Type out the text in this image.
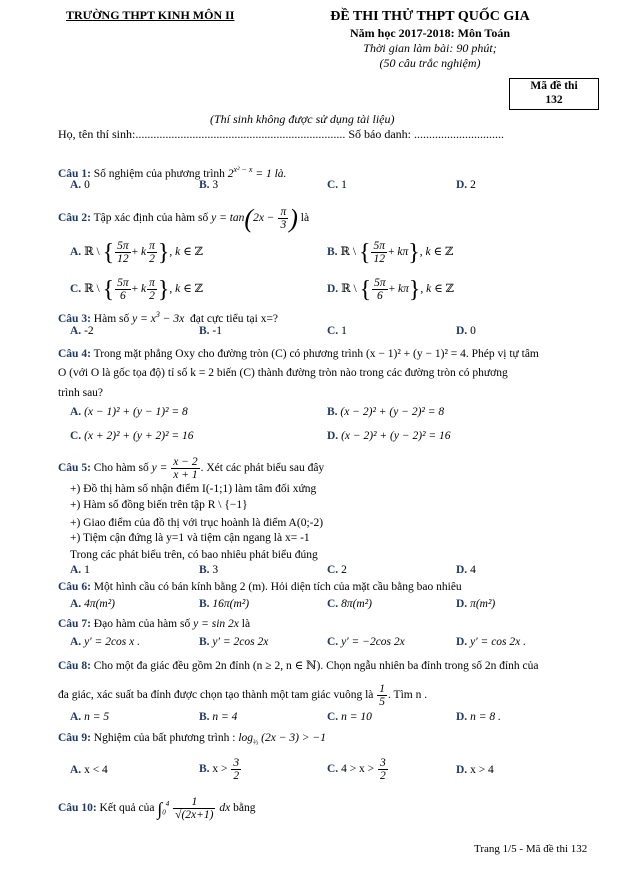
TRƯỜNG THPT KINH MÔN II	ĐỀ THI THỬ THPT QUỐC GIA
Năm học 2017-2018: Môn Toán
Thời gian làm bài: 90 phút;
(50 câu trắc nghiệm)
Mã đề thi
132
(Thí sinh không được sử dụng tài liệu)
Họ, tên thí sinh:...................................................................... Số báo danh: ..............................
Câu 1: Số nghiệm của phương trình $2^{x^2 - x} = 1$ là.
A. 0	B. 3	C. 1	D. 2
Câu 2: Tập xác định của hàm số $y = \tan(2x - \frac{\pi}{3}$ ) là
A. ℝ \ { $\frac{5\pi}{12} + k \frac{\pi}{2}$ }, k ∈ ℤ	B. ℝ \ { $\frac{5\pi}{12} + k\pi$}, k ∈ ℤ
C. ℝ \ { $\frac{5\pi}{6} + k \frac{\pi}{2}$ }, k ∈ ℤ	D. ℝ \ { $\frac{5\pi}{6} + k\pi$}, k ∈ ℤ
Câu 3: Hàm số $y = x^3 - 3x$ đạt cực tiểu tại x=?
A. -2	B. -1	C. 1	D. 0
Câu 4: Trong mặt phẳng Oxy cho đường tròn (C) có phương trình (x − 1)² + (y − 1)² = 4. Phép vị tự tâm
O (với O là gốc tọa độ) tỉ số k = 2 biến (C) thành đường tròn nào trong các đường tròn có phương
trình sau?
A. (x − 1)² + (y − 1)² = 8	B. (x − 2)² + (y − 2)² = 8
C. (x + 2)² + (y + 2)² = 16	D. (x − 2)² + (y − 2)² = 16
Câu 5: Cho hàm số $y = \frac{x - 2}{x + 1}$ . Xét các phát biểu sau đây
+) Đồ thị hàm số nhận điểm I(-1;1) làm tâm đối xứng
+) Hàm số đồng biến trên tập R \ {−1}
+) Giao điểm của đồ thị với trục hoành là điểm A(0;-2)
+) Tiệm cận đứng là y=1 và tiệm cận ngang là x= -1
Trong các phát biểu trên, có bao nhiêu phát biểu đúng
A. 1	B. 3	C. 2	D. 4
Câu 6: Một hình cầu có bán kính bằng 2 (m). Hỏi diện tích của mặt cầu bằng bao nhiêu
A. 4π(m²)	B. 16π(m²)	C. 8π(m²)	D. π(m²)
Câu 7: Đạo hàm của hàm số y = sin 2x là
A. y′ = 2cos x .	B. y′ = 2cos 2x	C. y′ = −2cos 2x	D. y′ = cos 2x .
Câu 8: Cho một đa giác đều gồm 2n đỉnh (n ≥ 2, n ∈ ℕ). Chọn ngẫu nhiên ba đỉnh trong số 2n đỉnh của
đa giác, xác suất ba đỉnh được chọn tạo thành một tam giác vuông là $\frac{1}{5}$ . Tìm n .
A. n = 5	B. n = 4	C. n = 10	D. n = 8 .
Câu 9: Nghiệm của bất phương trình : $\log_{\frac{2}{3}} (2x - 3) > -1$
A. x < 4	B. $x > \frac{3}{2}$	C. $4 > x > \frac{3}{2}$	D. x > 4
Câu 10: Kết quả của $\int_0^4 \frac{1}{√(2x+1)}$ dx bằng
Trang 1/5 - Mã đề thi 132
